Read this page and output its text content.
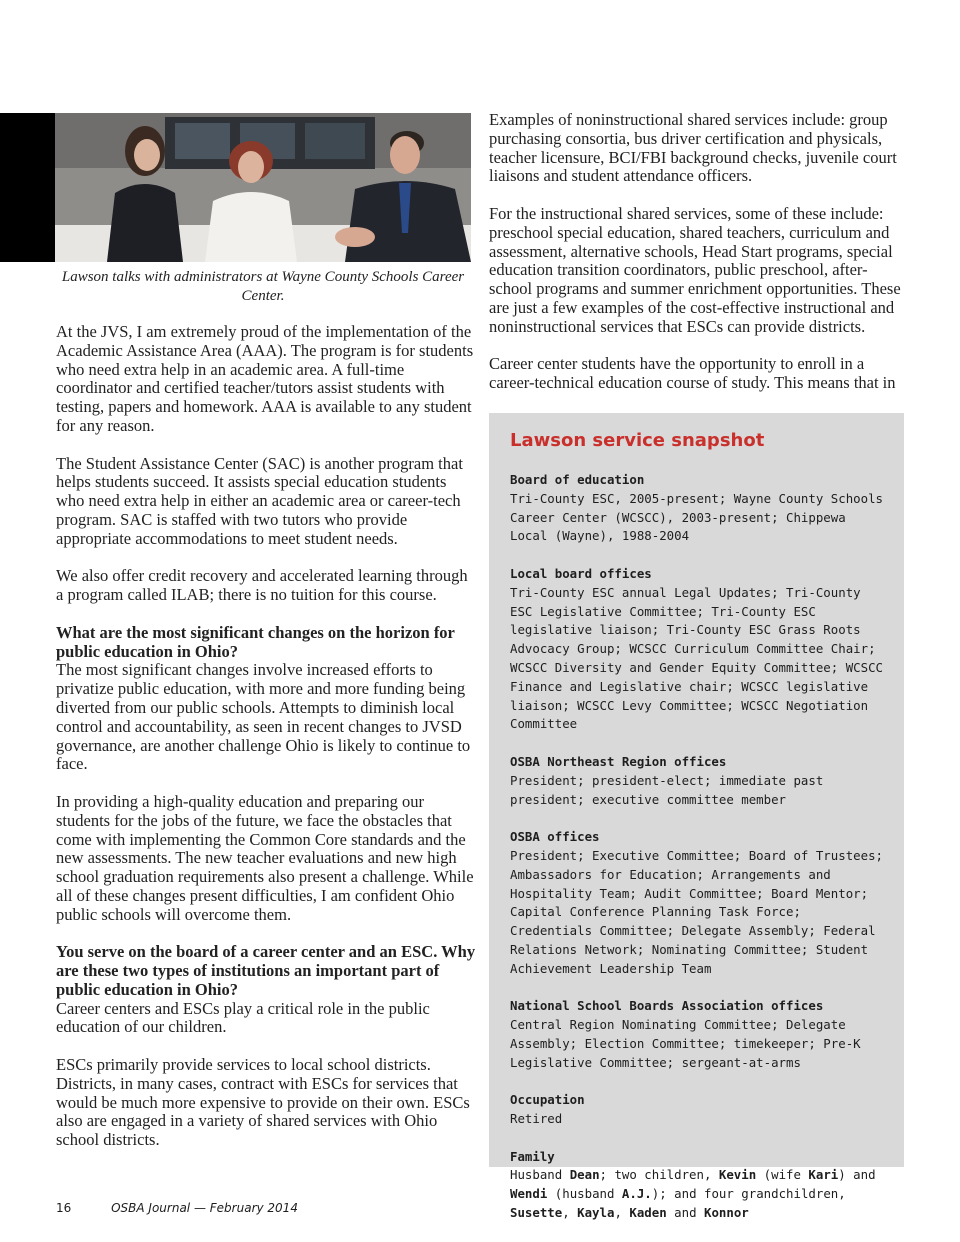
Lawson talks with administrators at Wayne County Schools Career Center.

At the JVS, I am extremely proud of the implementation of the Academic Assistance Area (AAA). The program is for students who need extra help in an academic area. A full-time coordinator and certified teacher/tutors assist students with testing, papers and homework. AAA is available to any student for any reason.

The Student Assistance Center (SAC) is another program that helps students succeed. It assists special education students who need extra help in either an academic area or career-tech program. SAC is staffed with two tutors who provide appropriate accommodations to meet student needs.

We also offer credit recovery and accelerated learning through a program called ILAB; there is no tuition for this course.

What are the most significant changes on the horizon for public education in Ohio?
The most significant changes involve increased efforts to privatize public education, with more and more funding being diverted from our public schools. Attempts to diminish local control and accountability, as seen in recent changes to JVSD governance, are another challenge Ohio is likely to continue to face.

In providing a high-quality education and preparing our students for the jobs of the future, we face the obstacles that come with implementing the Common Core standards and the new assessments. The new teacher evaluations and new high school graduation requirements also present a challenge. While all of these changes present difficulties, I am confident Ohio public schools will overcome them.

You serve on the board of a career center and an ESC. Why are these two types of institutions an important part of public education in Ohio?
Career centers and ESCs play a critical role in the public education of our children.

ESCs primarily provide services to local school districts. Districts, in many cases, contract with ESCs for services that would be much more expensive to provide on their own. ESCs also are engaged in a variety of shared services with Ohio school districts.

Examples of noninstructional shared services include: group purchasing consortia, bus driver certification and physicals, teacher licensure, BCI/FBI background checks, juvenile court liaisons and student attendance officers.

For the instructional shared services, some of these include: preschool special education, shared teachers, curriculum and assessment, alternative schools, Head Start programs, special education transition coordinators, public preschool, after-school programs and summer enrichment opportunities. These are just a few examples of the cost-effective instructional and noninstructional services that ESCs can provide districts.

Career center students have the opportunity to enroll in a career-technical education course of study. This means that in

Lawson service snapshot
Board of education
Tri-County ESC, 2005-present; Wayne County Schools Career Center (WCSCC), 2003-present; Chippewa Local (Wayne), 1988-2004
Local board offices
Tri-County ESC annual Legal Updates; Tri-County ESC Legislative Committee; Tri-County ESC legislative liaison; Tri-County ESC Grass Roots Advocacy Group; WCSCC Curriculum Committee Chair; WCSCC Diversity and Gender Equity Committee; WCSCC Finance and Legislative chair; WCSCC legislative liaison; WCSCC Levy Committee; WCSCC Negotiation Committee
OSBA Northeast Region offices
President; president-elect; immediate past president; executive committee member
OSBA offices
President; Executive Committee; Board of Trustees; Ambassadors for Education; Arrangements and Hospitality Team; Audit Committee; Board Mentor; Capital Conference Planning Task Force; Credentials Committee; Delegate Assembly; Federal Relations Network; Nominating Committee; Student Achievement Leadership Team
National School Boards Association offices
Central Region Nominating Committee; Delegate Assembly; Election Committee; timekeeper; Pre-K Legislative Committee; sergeant-at-arms
Occupation
Retired
Family
Husband Dean; two children, Kevin (wife Kari) and Wendi (husband A.J.); and four grandchildren, Susette, Kayla, Kaden and Konnor
16	OSBA Journal — February 2014
